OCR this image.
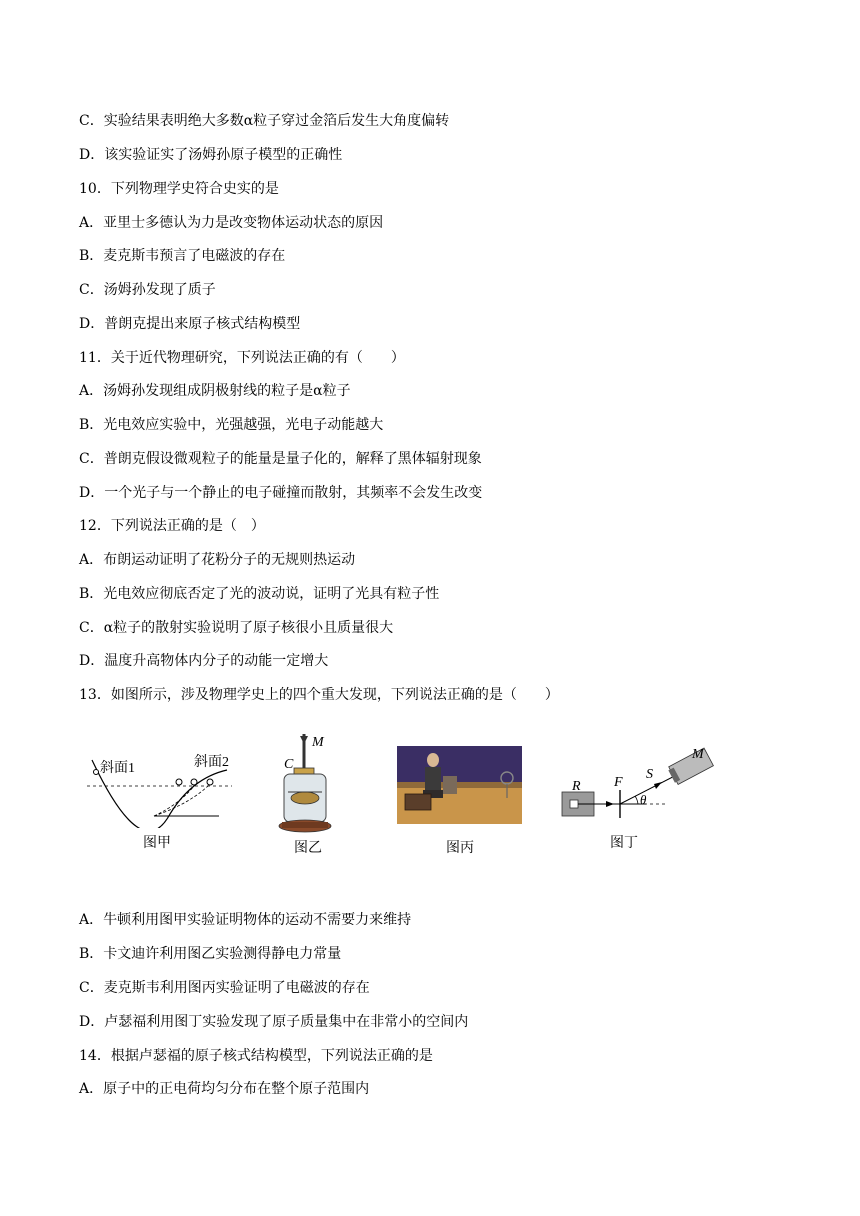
C．实验结果表明绝大多数α粒子穿过金箔后发生大角度偏转
D．该实验证实了汤姆孙原子模型的正确性
10．下列物理学史符合史实的是
A．亚里士多德认为力是改变物体运动状态的原因
B．麦克斯韦预言了电磁波的存在
C．汤姆孙发现了质子
D．普朗克提出来原子核式结构模型
11．关于近代物理研究，下列说法正确的有（　　）
A．汤姆孙发现组成阴极射线的粒子是α粒子
B．光电效应实验中，光强越强，光电子动能越大
C．普朗克假设微观粒子的能量是量子化的，解释了黑体辐射现象
D．一个光子与一个静止的电子碰撞而散射，其频率不会发生改变
12．下列说法正确的是（　）
A．布朗运动证明了花粉分子的无规则热运动
B．光电效应彻底否定了光的波动说，证明了光具有粒子性
C．α粒子的散射实验说明了原子核很小且质量很大
D．温度升高物体内分子的动能一定增大
13．如图所示，涉及物理学史上的四个重大发现，下列说法正确的是（　　）
斜面1	斜面2
图甲
M
C
图乙	图丙
R F
S
M
θ
图丁
A．牛顿利用图甲实验证明物体的运动不需要力来维持
B．卡文迪许利用图乙实验测得静电力常量
C．麦克斯韦利用图丙实验证明了电磁波的存在
D．卢瑟福利用图丁实验发现了原子质量集中在非常小的空间内
14．根据卢瑟福的原子核式结构模型，下列说法正确的是
A．原子中的正电荷均匀分布在整个原子范围内
